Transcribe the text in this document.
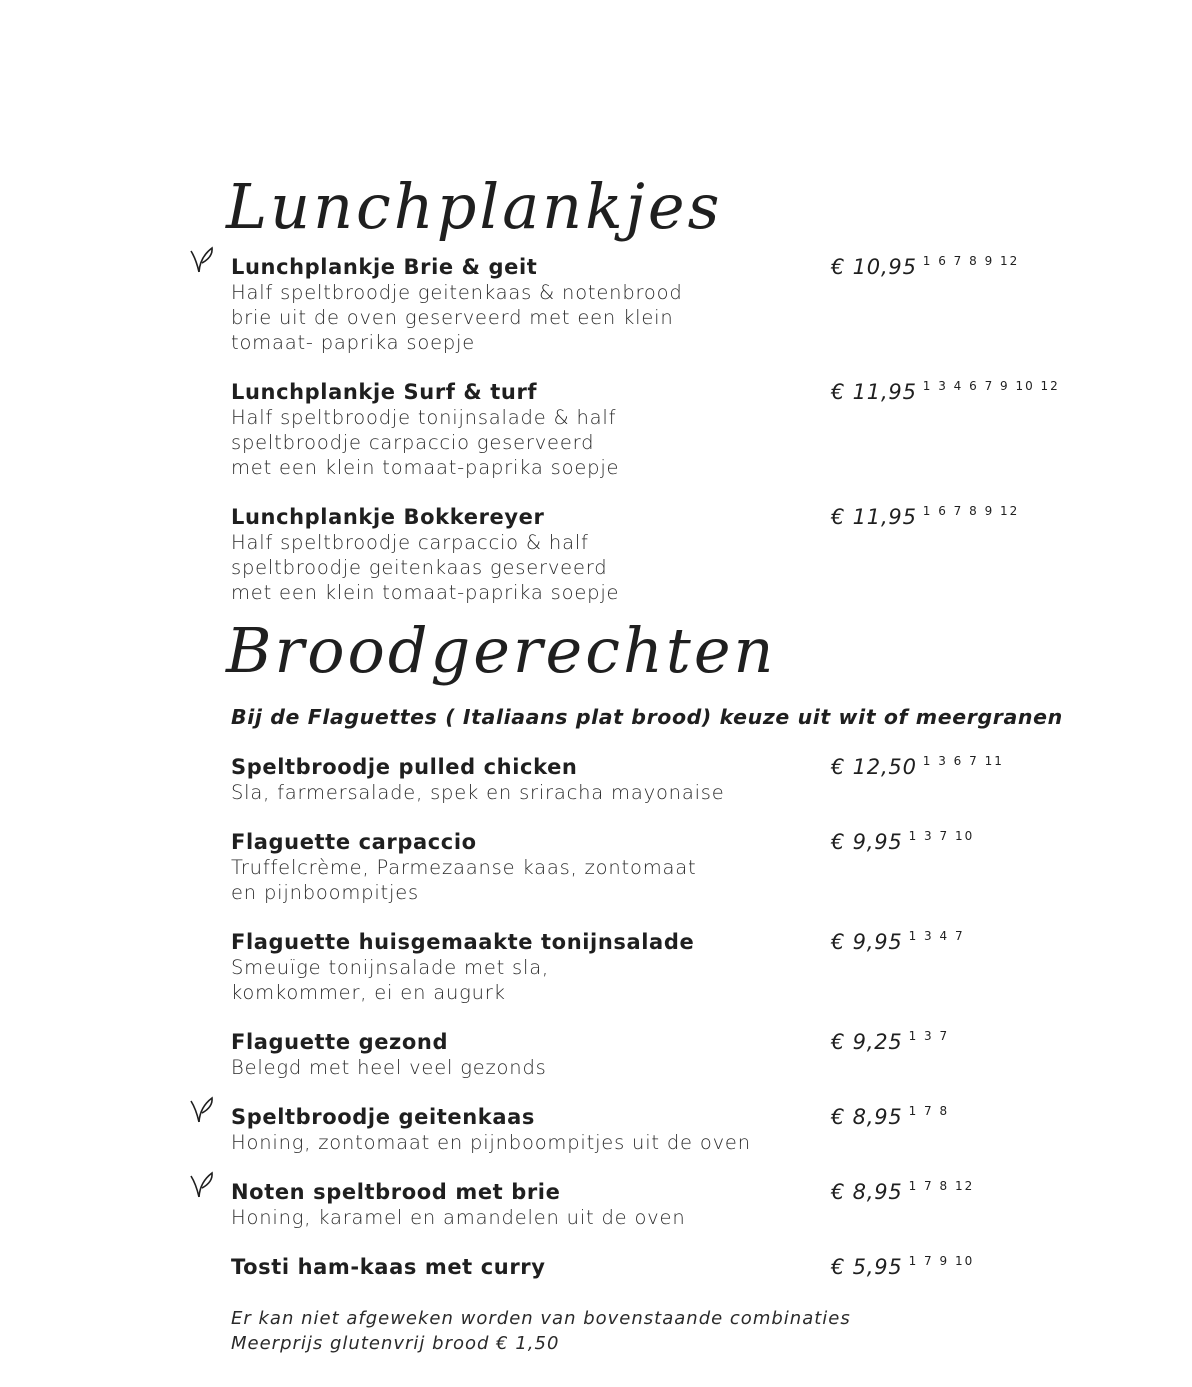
Lunchplankjes
Lunchplankje Brie & geit	€ 10,95 $^{1 6 7 8 9 12}$
Half speltbroodje geitenkaas & notenbrood
brie uit de oven geserveerd met een klein
tomaat- paprika soepje
Lunchplankje Surf & turf	€ 11,95 $^{1 3 4 6 7 9 10 12}$
Half speltbroodje tonijnsalade & half
speltbroodje carpaccio geserveerd
met een klein tomaat-paprika soepje
Lunchplankje Bokkereyer	€ 11,95 $^{1 6 7 8 9 12}$
Half speltbroodje carpaccio & half
speltbroodje geitenkaas geserveerd
met een klein tomaat-paprika soepje
Broodgerechten
Bij de Flaguettes ( Italiaans plat brood) keuze uit wit of meergranen
Speltbroodje pulled chicken	€ 12,50 $^{1 3 6 7 11}$
Sla, farmersalade, spek en sriracha mayonaise
Flaguette carpaccio	€ 9,95 $^{1 3 7 10}$
Truffelcrème, Parmezaanse kaas, zontomaat
en pijnboompitjes
Flaguette huisgemaakte tonijnsalade	€ 9,95 $^{1 3 4 7}$
Smeuïge tonijnsalade met sla,
komkommer, ei en augurk
Flaguette gezond	€ 9,25 $^{1 3 7}$
Belegd met heel veel gezonds
Speltbroodje geitenkaas	€ 8,95 $^{1 7 8}$
Honing, zontomaat en pijnboompitjes uit de oven
Noten speltbrood met brie	€ 8,95 $^{1 7 8 12}$
Honing, karamel en amandelen uit de oven
Tosti ham-kaas met curry	€ 5,95 $^{1 7 9 10}$
Er kan niet afgeweken worden van bovenstaande combinaties
Meerprijs glutenvrij brood € 1,50
